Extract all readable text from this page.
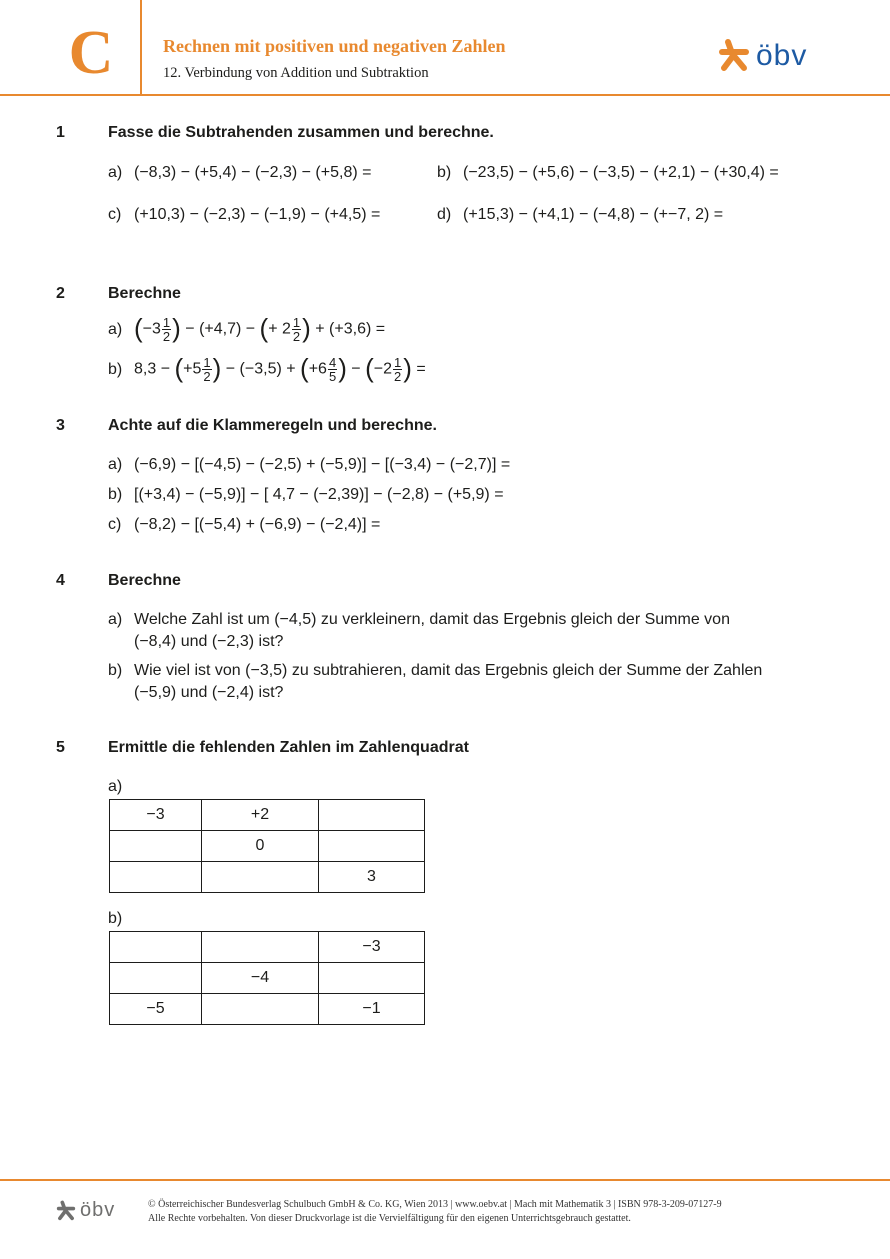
C	Rechnen mit positiven und negativen Zahlen
12. Verbindung von Addition und Subtraktion
öbv
1	Fasse die Subtrahenden zusammen und berechne.
a) (−8,3) − (+5,4) − (−2,3) − (+5,8) =	b) (−23,5) − (+5,6) − (−3,5) − (+2,1) − (+30,4) =
c) (+10,3) − (−2,3) − (−1,9) − (+4,5) =	d) (+15,3) − (+4,1) − (−4,8) − (+−7, 2) =
2	Berechne
a) ($-3 \frac{1}{2}$ ) − (+4,7) − (+ $2 \frac{1}{2}$ ) + (+3,6) =
b) $8,3 - (+5 \frac{1}{2}$ ) − $(-3,5) + (+6 \frac{4}{5}$ ) − ($-2 \frac{1}{2}$ ) =
3	Achte auf die Klammeregeln und berechne.
a) (−6,9) − [(−4,5) − (−2,5) + (−5,9)] − [(−3,4) − (−2,7)] =
b) [(+3,4) − (−5,9)] − [ 4,7 − (−2,39)] − (−2,8) − (+5,9) =
c) (−8,2) − [(−5,4) + (−6,9) − (−2,4)] =
4	Berechne
a) Welche Zahl ist um (−4,5) zu verkleinern, damit das Ergebnis gleich der Summe von
(−8,4) und (−2,3) ist?
b) Wie viel ist von (−3,5) zu subtrahieren, damit das Ergebnis gleich der Summe der Zahlen
(−5,9) und (−2,4) ist?
5	Ermittle die fehlenden Zahlen im Zahlenquadrat
a)
−3	+2	
	0	
		3
b)
		−3
	−4	
−5		−1
öbv	© Österreichischer Bundesverlag Schulbuch GmbH & Co. KG, Wien 2013 | www.oebv.at | Mach mit Mathematik 3 | ISBN 978-3-209-07127-9
Alle Rechte vorbehalten. Von dieser Druckvorlage ist die Vervielfältigung für den eigenen Unterrichtsgebrauch gestattet.
